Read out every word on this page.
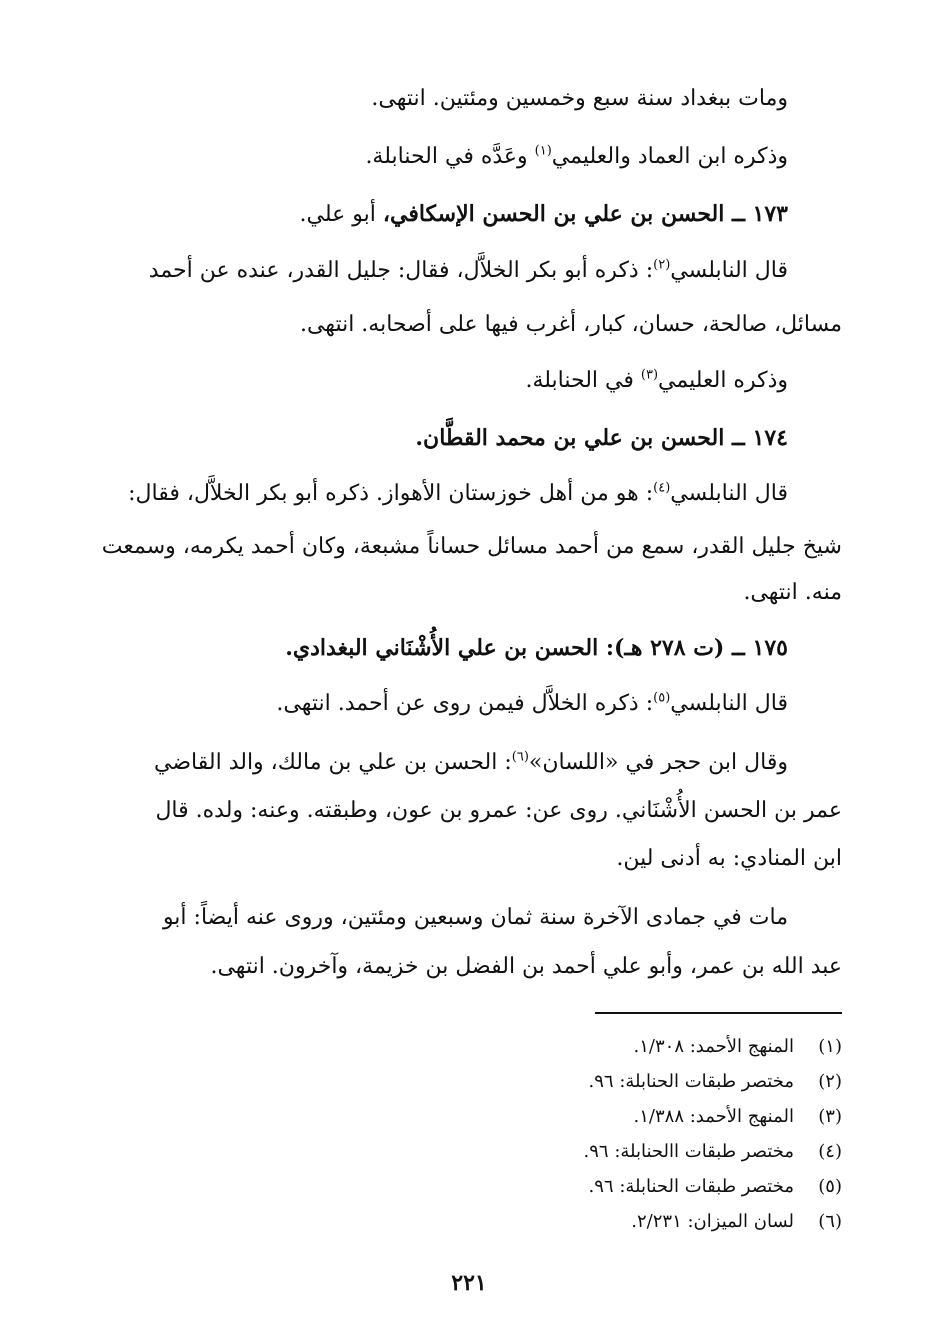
ومات ببغداد سنة سبع وخمسين ومئتين. انتهى.
وذكره ابن العماد والعليمي$^{(١)}$ وعَدَّه في الحنابلة.
١٧٣ ــ الحسن بن علي بن الحسن الإسكافي، أبو علي.
قال النابلسي$^{(٢)}$: ذكره أبو بكر الخلاَّل، فقال: جليل القدر، عنده عن أحمد
مسائل، صالحة، حسان، كبار، أغرب فيها على أصحابه. انتهى.
وذكره العليمي$^{(٣)}$ في الحنابلة.
١٧٤ ــ الحسن بن علي بن محمد القطَّان.
قال النابلسي$^{(٤)}$: هو من أهل خوزستان الأهواز. ذكره أبو بكر الخلاَّل، فقال:
شيخ جليل القدر، سمع من أحمد مسائل حساناً مشبعة، وكان أحمد يكرمه، وسمعت
منه. انتهى.
١٧٥ ــ (ت ٢٧٨ هـ): الحسن بن علي الأُشْنَاني البغدادي.
قال النابلسي$^{(٥)}$: ذكره الخلاَّل فيمن روى عن أحمد. انتهى.
وقال ابن حجر في «اللسان»$^{(٦)}$: الحسن بن علي بن مالك، والد القاضي
عمر بن الحسن الأُشْنَاني. روى عن: عمرو بن عون، وطبقته. وعنه: ولده. قال
ابن المنادي: به أدنى لين.
مات في جمادى الآخرة سنة ثمان وسبعين ومئتين، وروى عنه أيضاً: أبو
عبد الله بن عمر، وأبو علي أحمد بن الفضل بن خزيمة، وآخرون. انتهى.
(١)المنهج الأحمد: ١/٣٠٨.
(٢)مختصر طبقات الحنابلة: ٩٦.
(٣)المنهج الأحمد: ١/٣٨٨.
(٤)مختصر طبقات االحنابلة: ٩٦.
(٥)مختصر طبقات الحنابلة: ٩٦.
(٦)لسان الميزان: ٢/٢٣١.
٢٢١
